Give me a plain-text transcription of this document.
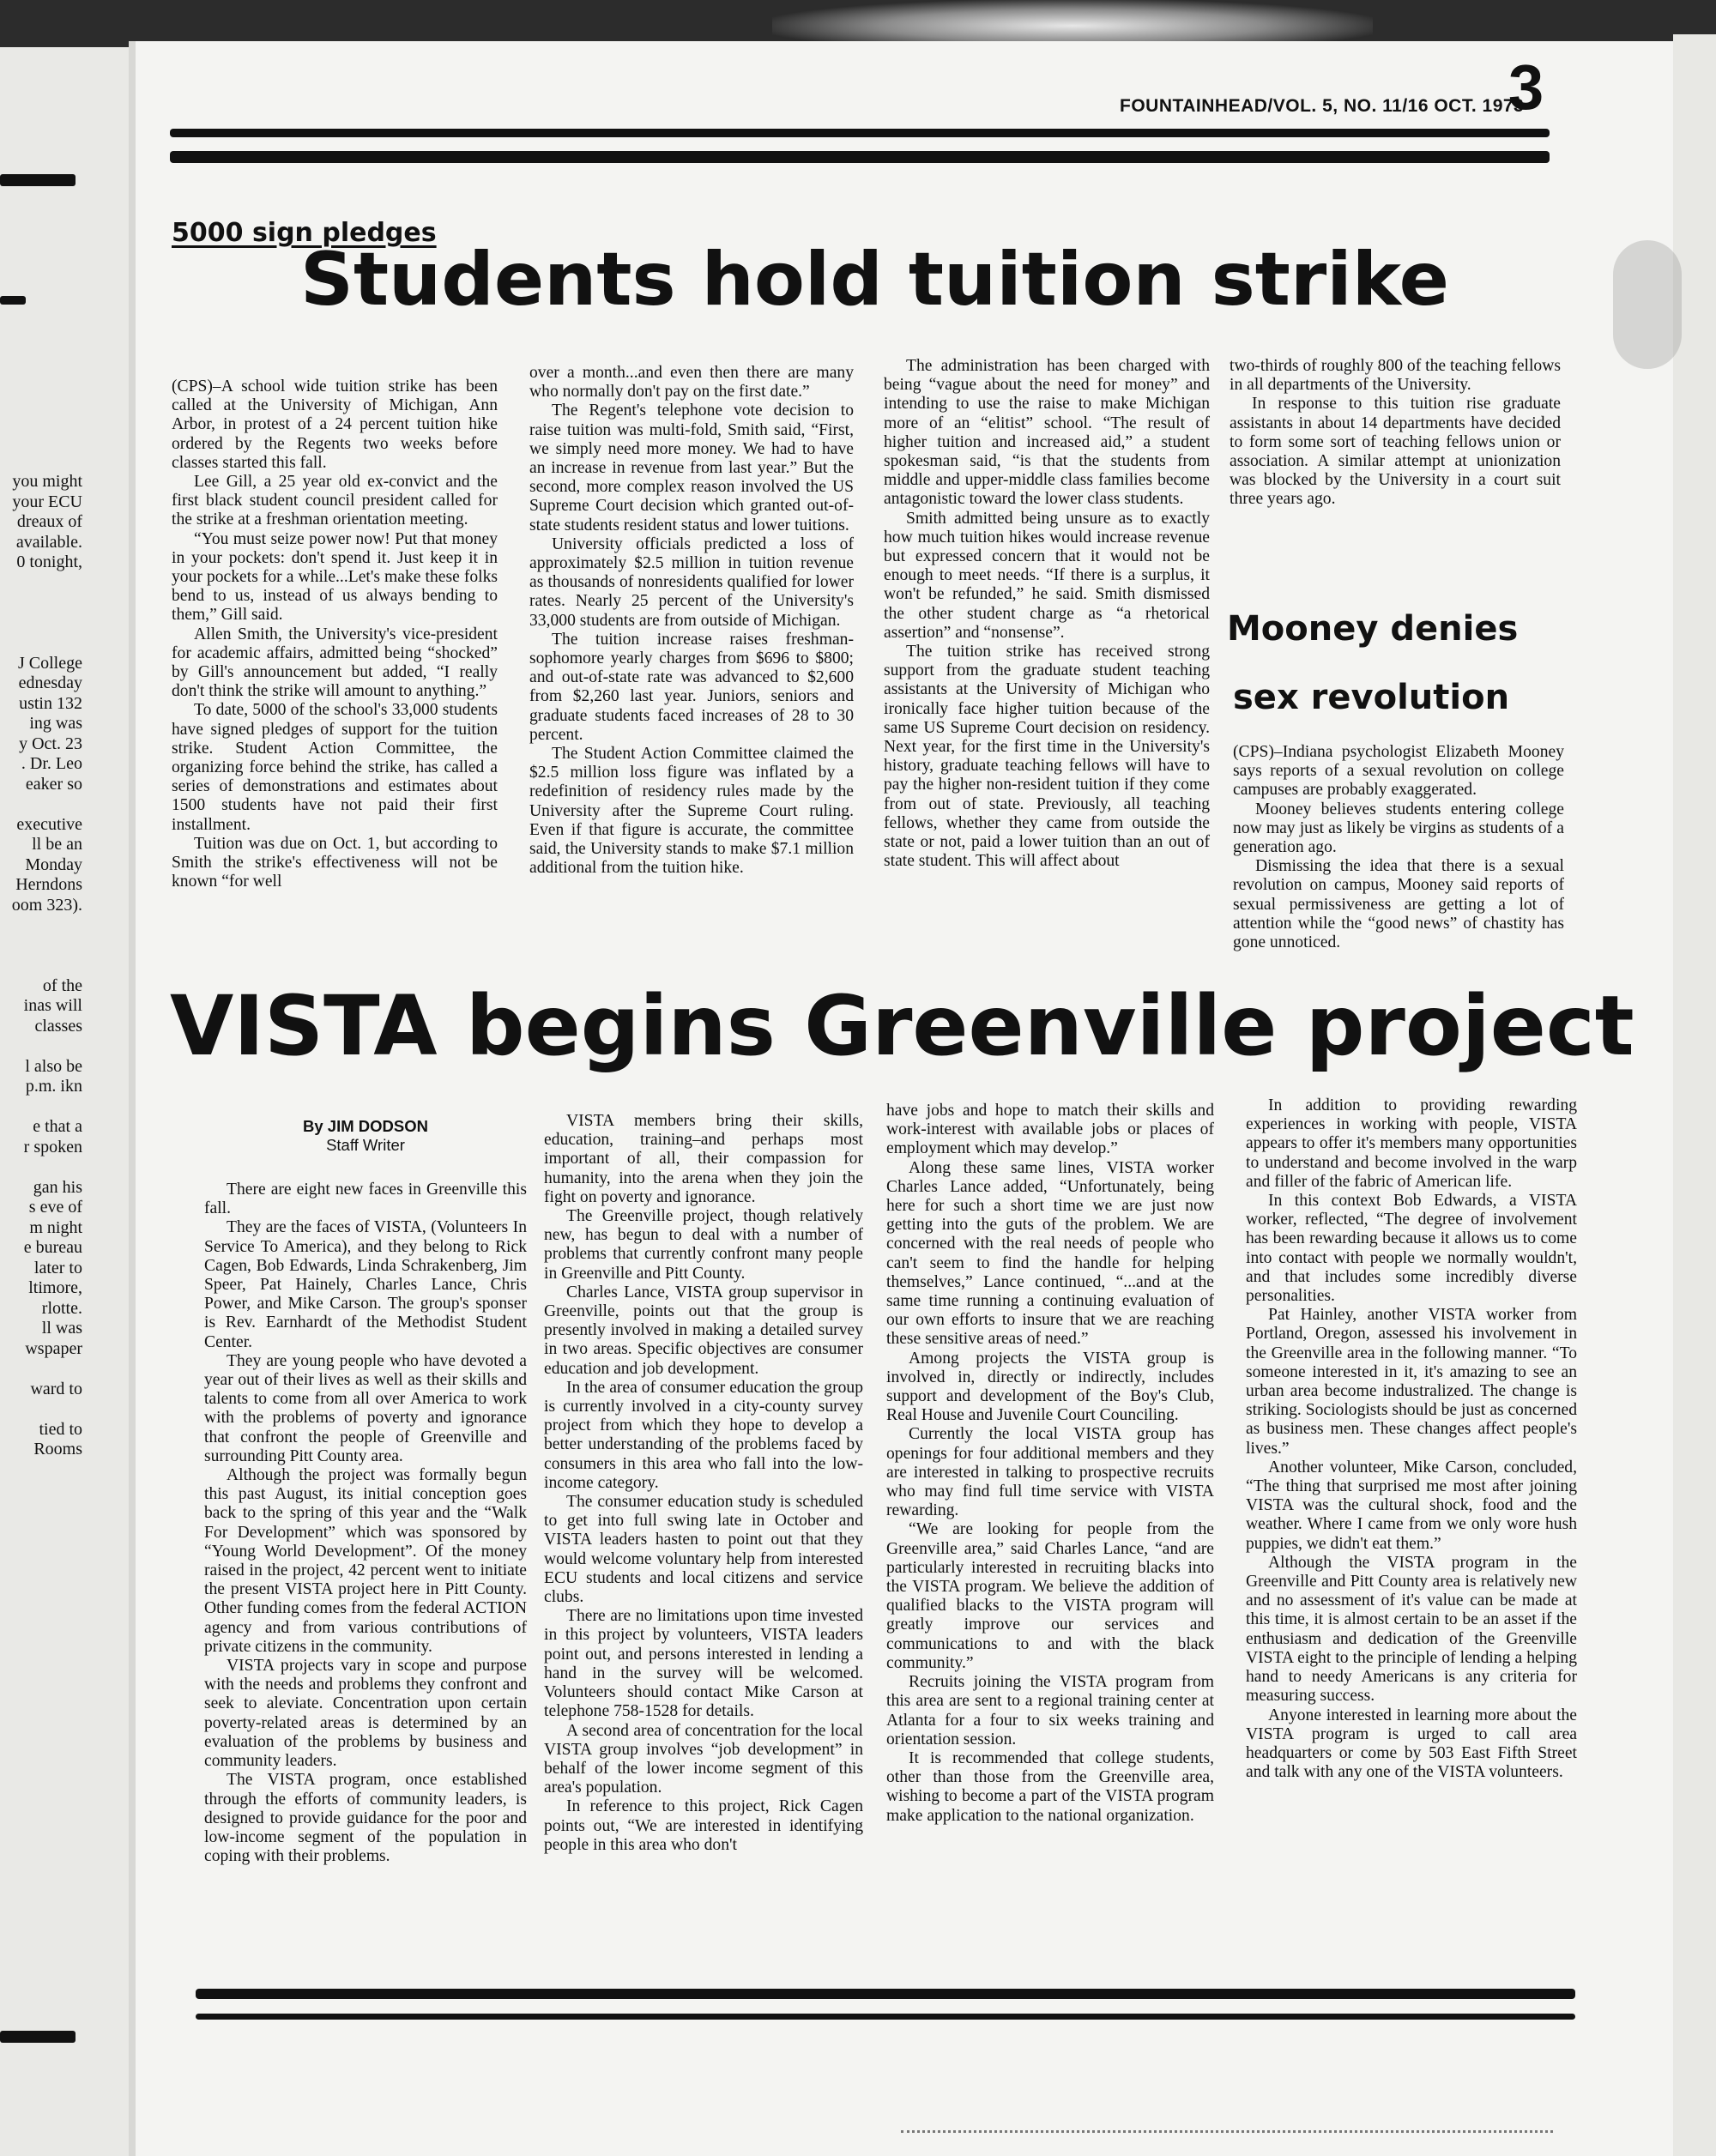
you might

your ECU

dreaux of

available.

0 tonight,

J College

ednesday

ustin 132

ing was

y Oct. 23

. Dr. Leo

eaker so

executive

ll be an

Monday

Herndons

oom 323).

of the

inas will

classes

l also be

p.m. ikn

e that a

r spoken

gan his

s eve of

m night

e bureau

later to

ltimore,

rlotte.

ll was

wspaper

ward to

tied to

Rooms

FOUNTAINHEAD/VOL. 5, NO. 11/16 OCT. 1973
3
5000 sign pledges
Students hold tuition strike

(CPS)–A school wide tuition strike has been called at the University of Michigan, Ann Arbor, in protest of a 24 percent tuition hike ordered by the Regents two weeks before classes started this fall.

Lee Gill, a 25 year old ex-convict and the first black student council president called for the strike at a freshman orientation meeting.

“You must seize power now! Put that money in your pockets: don't spend it. Just keep it in your pockets for a while...Let's make these folks bend to us, instead of us always bending to them,” Gill said.

Allen Smith, the University's vice-president for academic affairs, admitted being “shocked” by Gill's announcement but added, “I really don't think the strike will amount to anything.”

To date, 5000 of the school's 33,000 students have signed pledges of support for the tuition strike. Student Action Committee, the organizing force behind the strike, has called a series of demonstrations and estimates about 1500 students have not paid their first installment.

Tuition was due on Oct. 1, but according to Smith the strike's effectiveness will not be known “for well

over a month...and even then there are many who normally don't pay on the first date.”

The Regent's telephone vote decision to raise tuition was multi-fold, Smith said, “First, we simply need more money. We had to have an increase in revenue from last year.” But the second, more complex reason involved the US Supreme Court decision which granted out-of-state students resident status and lower tuitions.

University officials predicted a loss of approximately $2.5 million in tuition revenue as thousands of nonresidents qualified for lower rates. Nearly 25 percent of the University's 33,000 students are from outside of Michigan.

The tuition increase raises freshman-sophomore yearly charges from $696 to $800; and out-of-state rate was advanced to $2,600 from $2,260 last year. Juniors, seniors and graduate students faced increases of 28 to 30 percent.

The Student Action Committee claimed the $2.5 million loss figure was inflated by a redefinition of residency rules made by the University after the Supreme Court ruling. Even if that figure is accurate, the committee said, the University stands to make $7.1 million additional from the tuition hike.

The administration has been charged with being “vague about the need for money” and intending to use the raise to make Michigan more of an “elitist” school. “The result of higher tuition and increased aid,” a student spokesman said, “is that the students from middle and upper-middle class families become antagonistic toward the lower class students.

Smith admitted being unsure as to exactly how much tuition hikes would increase revenue but expressed concern that it would not be enough to meet needs. “If there is a surplus, it won't be refunded,” he said. Smith dismissed the other student charge as “a rhetorical assertion” and “nonsense”.

The tuition strike has received strong support from the graduate student teaching assistants at the University of Michigan who ironically face higher tuition because of the same US Supreme Court decision on residency. Next year, for the first time in the University's history, graduate teaching fellows will have to pay the higher non-resident tuition if they come from out of state. Previously, all teaching fellows, whether they came from outside the state or not, paid a lower tuition than an out of state student. This will affect about

two-thirds of roughly 800 of the teaching fellows in all departments of the University.

In response to this tuition rise graduate assistants in about 14 departments have decided to form some sort of teaching fellows union or association. A similar attempt at unionization was blocked by the University in a court suit three years ago.

Mooney denies
sex revolution

(CPS)–Indiana psychologist Elizabeth Mooney says reports of a sexual revolution on college campuses are probably exaggerated.

Mooney believes students entering college now may just as likely be virgins as students of a generation ago.

Dismissing the idea that there is a sexual revolution on campus, Mooney said reports of sexual permissiveness are getting a lot of attention while the “good news” of chastity has gone unnoticed.

VISTA begins Greenville project
By JIM DODSON
Staff Writer

There are eight new faces in Greenville this fall.

They are the faces of VISTA, (Volunteers In Service To America), and they belong to Rick Cagen, Bob Edwards, Linda Schrakenberg, Jim Speer, Pat Hainely, Charles Lance, Chris Power, and Mike Carson. The group's sponser is Rev. Earnhardt of the Methodist Student Center.

They are young people who have devoted a year out of their lives as well as their skills and talents to come from all over America to work with the problems of poverty and ignorance that confront the people of Greenville and surrounding Pitt County area.

Although the project was formally begun this past August, its initial conception goes back to the spring of this year and the “Walk For Development” which was sponsored by “Young World Development”. Of the money raised in the project, 42 percent went to initiate the present VISTA project here in Pitt County. Other funding comes from the federal ACTION agency and from various contributions of private citizens in the community.

VISTA projects vary in scope and purpose with the needs and problems they confront and seek to aleviate. Concentration upon certain poverty-related areas is determined by an evaluation of the problems by business and community leaders.

The VISTA program, once established through the efforts of community leaders, is designed to provide guidance for the poor and low-income segment of the population in coping with their problems.

VISTA members bring their skills, education, training–and perhaps most important of all, their compassion for humanity, into the arena when they join the fight on poverty and ignorance.

The Greenville project, though relatively new, has begun to deal with a number of problems that currently confront many people in Greenville and Pitt County.

Charles Lance, VISTA group supervisor in Greenville, points out that the group is presently involved in making a detailed survey in two areas. Specific objectives are consumer education and job development.

In the area of consumer education the group is currently involved in a city-county survey project from which they hope to develop a better understanding of the problems faced by consumers in this area who fall into the low-income category.

The consumer education study is scheduled to get into full swing late in October and VISTA leaders hasten to point out that they would welcome voluntary help from interested ECU students and local citizens and service clubs.

There are no limitations upon time invested in this project by volunteers, VISTA leaders point out, and persons interested in lending a hand in the survey will be welcomed. Volunteers should contact Mike Carson at telephone 758-1528 for details.

A second area of concentration for the local VISTA group involves “job development” in behalf of the lower income segment of this area's population.

In reference to this project, Rick Cagen points out, “We are interested in identifying people in this area who don't

have jobs and hope to match their skills and work-interest with available jobs or places of employment which may develop.”

Along these same lines, VISTA worker Charles Lance added, “Unfortunately, being here for such a short time we are just now getting into the guts of the problem. We are concerned with the real needs of people who can't seem to find the handle for helping themselves,” Lance continued, “...and at the same time running a continuing evaluation of our own efforts to insure that we are reaching these sensitive areas of need.”

Among projects the VISTA group is involved in, directly or indirectly, includes support and development of the Boy's Club, Real House and Juvenile Court Counciling.

Currently the local VISTA group has openings for four additional members and they are interested in talking to prospective recruits who may find full time service with VISTA rewarding.

“We are looking for people from the Greenville area,” said Charles Lance, “and are particularly interested in recruiting blacks into the VISTA program. We believe the addition of qualified blacks to the VISTA program will greatly improve our services and communications to and with the black community.”

Recruits joining the VISTA program from this area are sent to a regional training center at Atlanta for a four to six weeks training and orientation session.

It is recommended that college students, other than those from the Greenville area, wishing to become a part of the VISTA program make application to the national organization.

In addition to providing rewarding experiences in working with people, VISTA appears to offer it's members many opportunities to understand and become involved in the warp and filler of the fabric of American life.

In this context Bob Edwards, a VISTA worker, reflected, “The degree of involvement has been rewarding because it allows us to come into contact with people we normally wouldn't, and that includes some incredibly diverse personalities.

Pat Hainley, another VISTA worker from Portland, Oregon, assessed his involvement in the Greenville area in the following manner. “To someone interested in it, it's amazing to see an urban area become industralized. The change is striking. Sociologists should be just as concerned as business men. These changes affect people's lives.”

Another volunteer, Mike Carson, concluded, “The thing that surprised me most after joining VISTA was the cultural shock, food and the weather. Where I came from we only wore hush puppies, we didn't eat them.”

Although the VISTA program in the Greenville and Pitt County area is relatively new and no assessment of it's value can be made at this time, it is almost certain to be an asset if the enthusiasm and dedication of the Greenville VISTA eight to the principle of lending a helping hand to needy Americans is any criteria for measuring success.

Anyone interested in learning more about the VISTA program is urged to call area headquarters or come by 503 East Fifth Street and talk with any one of the VISTA volunteers.
